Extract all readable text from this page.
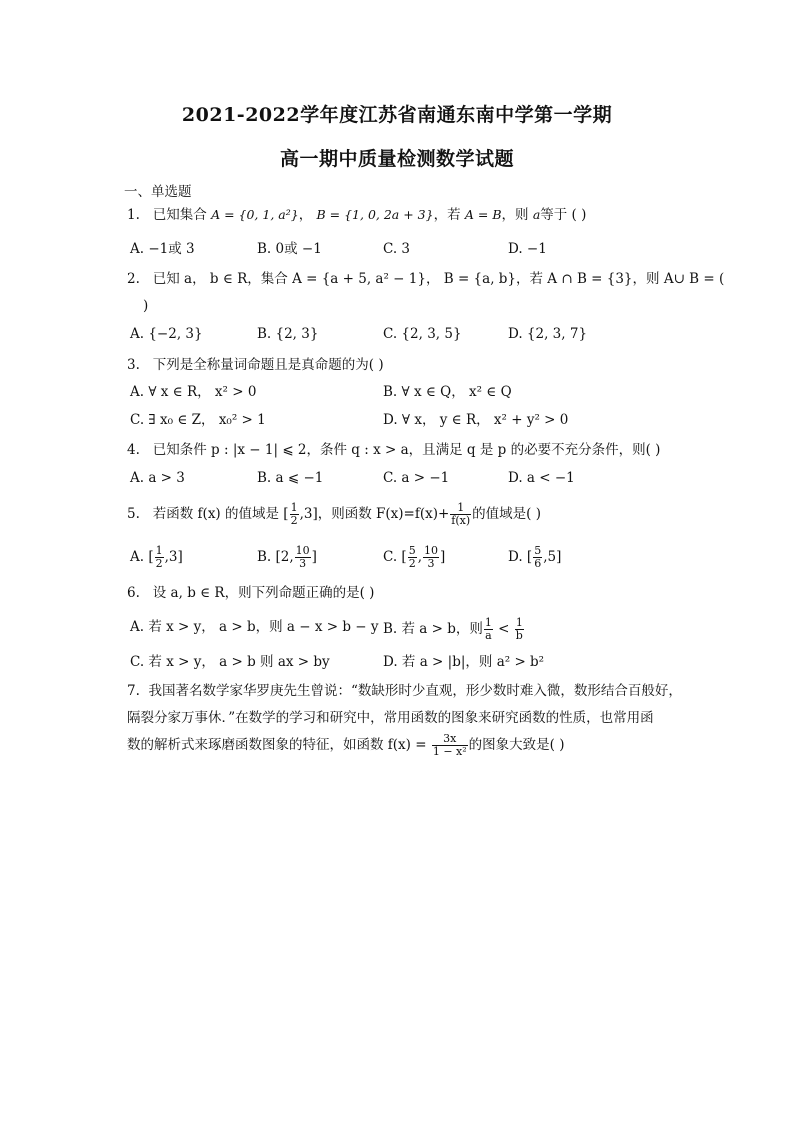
2021-2022学年度江苏省南通东南中学第一学期
高一期中质量检测数学试题
一、单选题
1. 已知集合 A = {0, 1, a²}， B = {1, 0, 2a + 3}，若 A = B，则 a等于 ( )
A. −1或 3	B. 0或 −1	C. 3	D. −1
2. 已知 a， b ∈ R，集合 A = {a + 5, a² − 1}， B = {a, b}，若 A ∩ B = {3}，则 A∪ B = (
)
A. {−2, 3}	B. {2, 3}	C. {2, 3, 5}	D. {2, 3, 7}
3. 下列是全称量词命题且是真命题的为( )
A. ∀ x ∈ R， x² > 0	B. ∀ x ∈ Q， x² ∈ Q
C. ∃ x₀ ∈ Z， x₀² > 1	D. ∀ x， y ∈ R， x² + y² > 0
4. 已知条件 p : |x − 1| ⩽ 2，条件 q : x > a，且满足 q 是 p 的必要不充分条件，则( )
A. a > 3	B. a ⩽ −1	C. a > −1	D. a < −1
5. 若函数 f(x) 的值域是 [ $\frac{1}{2} ,3$]，则函数 $F(x)=f(x)+ \frac{1}{f(x)}$ 的值域是( )
A. [ $\frac{1}{2} ,3$]	B. [2, $\frac{10}{3}$ ]	C. [ $\frac{5}{2}$ , $\frac{10}{3}$ ]	D. [ $\frac{5}{6} ,5$]
6. 设 a, b ∈ R，则下列命题正确的是( )
A. 若 x > y， a > b，则 a − x > b − y B. 若 a > b，则 $\frac{1}{a} < \frac{1}{b}$
C. 若 x > y， a > b 则 ax > by	D. 若 a > |b|，则 a² > b²
7. 我国著名数学家华罗庚先生曾说：“数缺形时少直观，形少数时难入微，数形结合百般好，
隔裂分家万事休．”在数学的学习和研究中，常用函数的图象来研究函数的性质，也常用函
数的解析式来琢磨函数图象的特征，如函数 $f(x) = \frac{3x}{\text{1 − x²}}$ 的图象大致是( )
